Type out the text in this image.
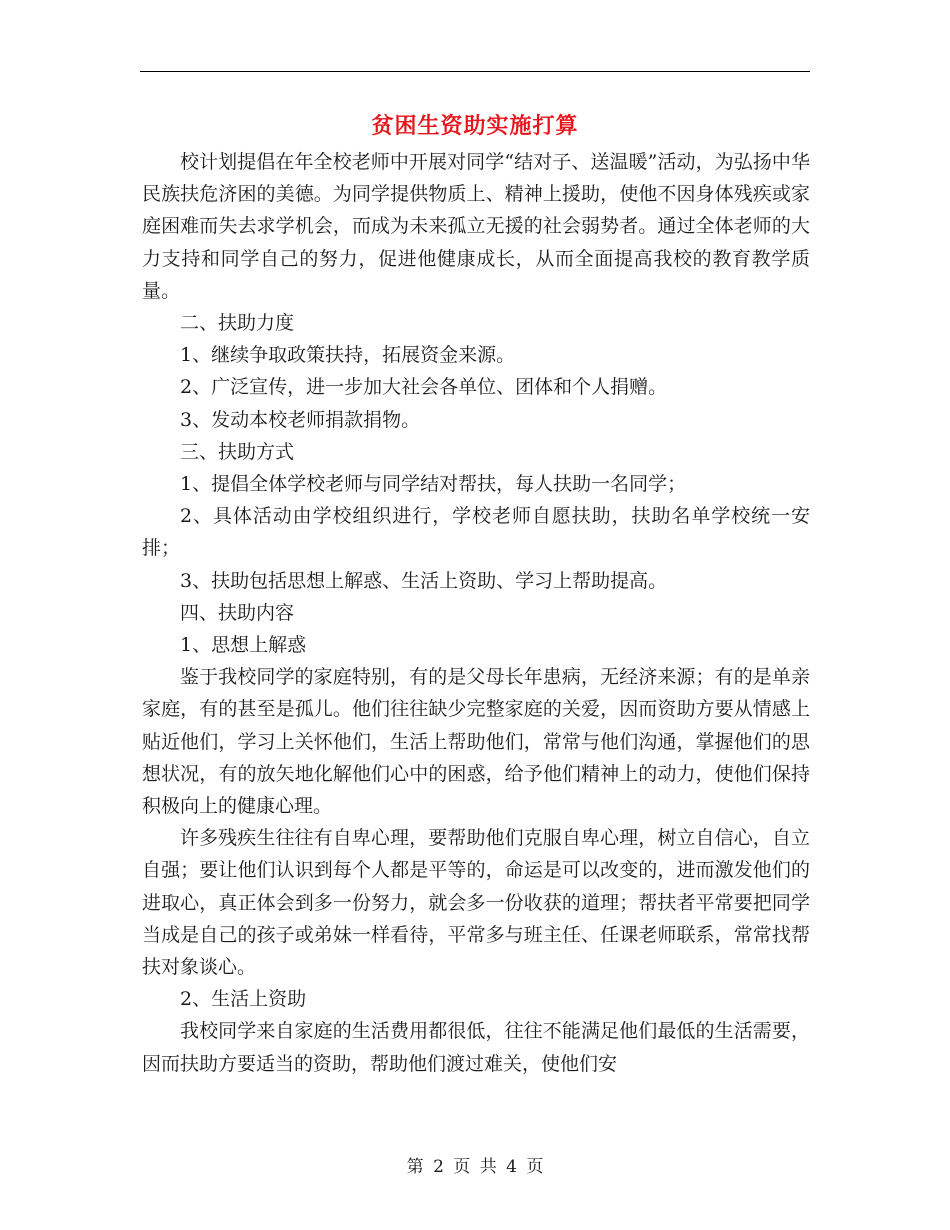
贫困生资助实施打算

校计划提倡在年全校老师中开展对同学“结对子、送温暖”活动，为弘扬中华民族扶危济困的美德。为同学提供物质上、精神上援助，使他不因身体残疾或家庭困难而失去求学机会，而成为未来孤立无援的社会弱势者。通过全体老师的大力支持和同学自己的努力，促进他健康成长，从而全面提高我校的教育教学质量。

二、扶助力度

1、继续争取政策扶持，拓展资金来源。

2、广泛宣传，进一步加大社会各单位、团体和个人捐赠。

3、发动本校老师捐款捐物。

三、扶助方式

1、提倡全体学校老师与同学结对帮扶，每人扶助一名同学；

2、具体活动由学校组织进行，学校老师自愿扶助，扶助名单学校统一安排；

3、扶助包括思想上解惑、生活上资助、学习上帮助提高。

四、扶助内容

1、思想上解惑

鉴于我校同学的家庭特别，有的是父母长年患病，无经济来源；有的是单亲家庭，有的甚至是孤儿。他们往往缺少完整家庭的关爱，因而资助方要从情感上贴近他们，学习上关怀他们，生活上帮助他们，常常与他们沟通，掌握他们的思想状况，有的放矢地化解他们心中的困惑，给予他们精神上的动力，使他们保持积极向上的健康心理。

许多残疾生往往有自卑心理，要帮助他们克服自卑心理，树立自信心，自立自强；要让他们认识到每个人都是平等的，命运是可以改变的，进而激发他们的进取心，真正体会到多一份努力，就会多一份收获的道理；帮扶者平常要把同学当成是自己的孩子或弟妹一样看待，平常多与班主任、任课老师联系，常常找帮扶对象谈心。

2、生活上资助

我校同学来自家庭的生活费用都很低，往往不能满足他们最低的生活需要，因而扶助方要适当的资助，帮助他们渡过难关，使他们安

第 2 页 共 4 页
